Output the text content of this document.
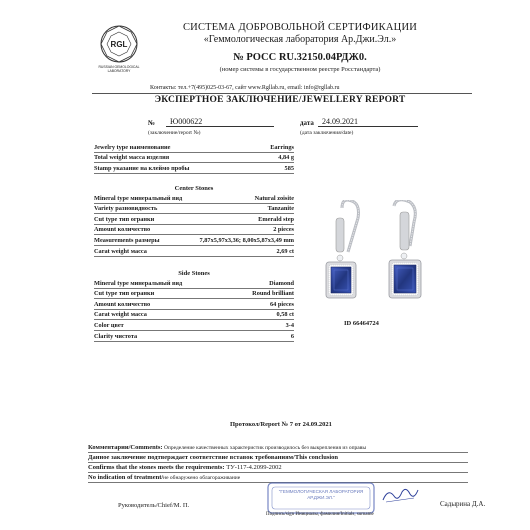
RGL
RUSSIAN GEMOLOGICAL LABORATORY
СИСТЕМА ДОБРОВОЛЬНОЙ СЕРТИФИКАЦИИ
«Геммологическая лаборатория Ар.Джи.Эл.»
№ РОСС RU.32150.04РДЖ0.
(номер системы в государственном реестре Росстандарта)
Контакты: тел.+7(495)025-03-67, сайт www.Rgllab.ru, email: info@rgllab.ru
ЭКСПЕРТНОЕ ЗАКЛЮЧЕНИЕ/JEWELLERY REPORT
№	Ю000622
(заключение/report №)
дата	24.09.2021
(дата заключения/date)
Jewelry type наименование	Earrings
Total weight масса изделия	4,84 g
Stamp указание на клеймо пробы	585
Center Stones
Mineral type минеральный вид	Natural zoisite
Variety разновидность	Tanzanite
Cut type тип огранки	Emerald step
Amount количество	2 pieces
Measurements размеры	7,87x5,97x3,36; 8,00x5,87x3,49 mm
Carat weight масса	2,69 ct
Side Stones
Mineral type минеральный вид	Diamond
Cut type тип огранки	Round brilliant
Amount количество	64 pieces
Carat weight масса	0,58 ct
Color цвет	3-4
Clarity чистота	6
ID 66464724
Протокол/Report № 7 от 24.09.2021
Комментарии/Comments: Определение качественных характеристик производилось без выкрепления из оправы
Данное заключение подтверждает соответствие вставок требованиям/This conclusion
Confirms that the stones meets the requirements: ТУ-117-4.2099-2002
No indication of treatment/не обнаружено облагораживание
"ГЕММОЛОГИЧЕСКАЯ ЛАБОРАТОРИЯ АР.ДЖИ.ЭЛ."
Руководитель/Chief/М. П.
Подпись/sign Инициалы, фамилия/Initials, surname
Садырина Д.А.
